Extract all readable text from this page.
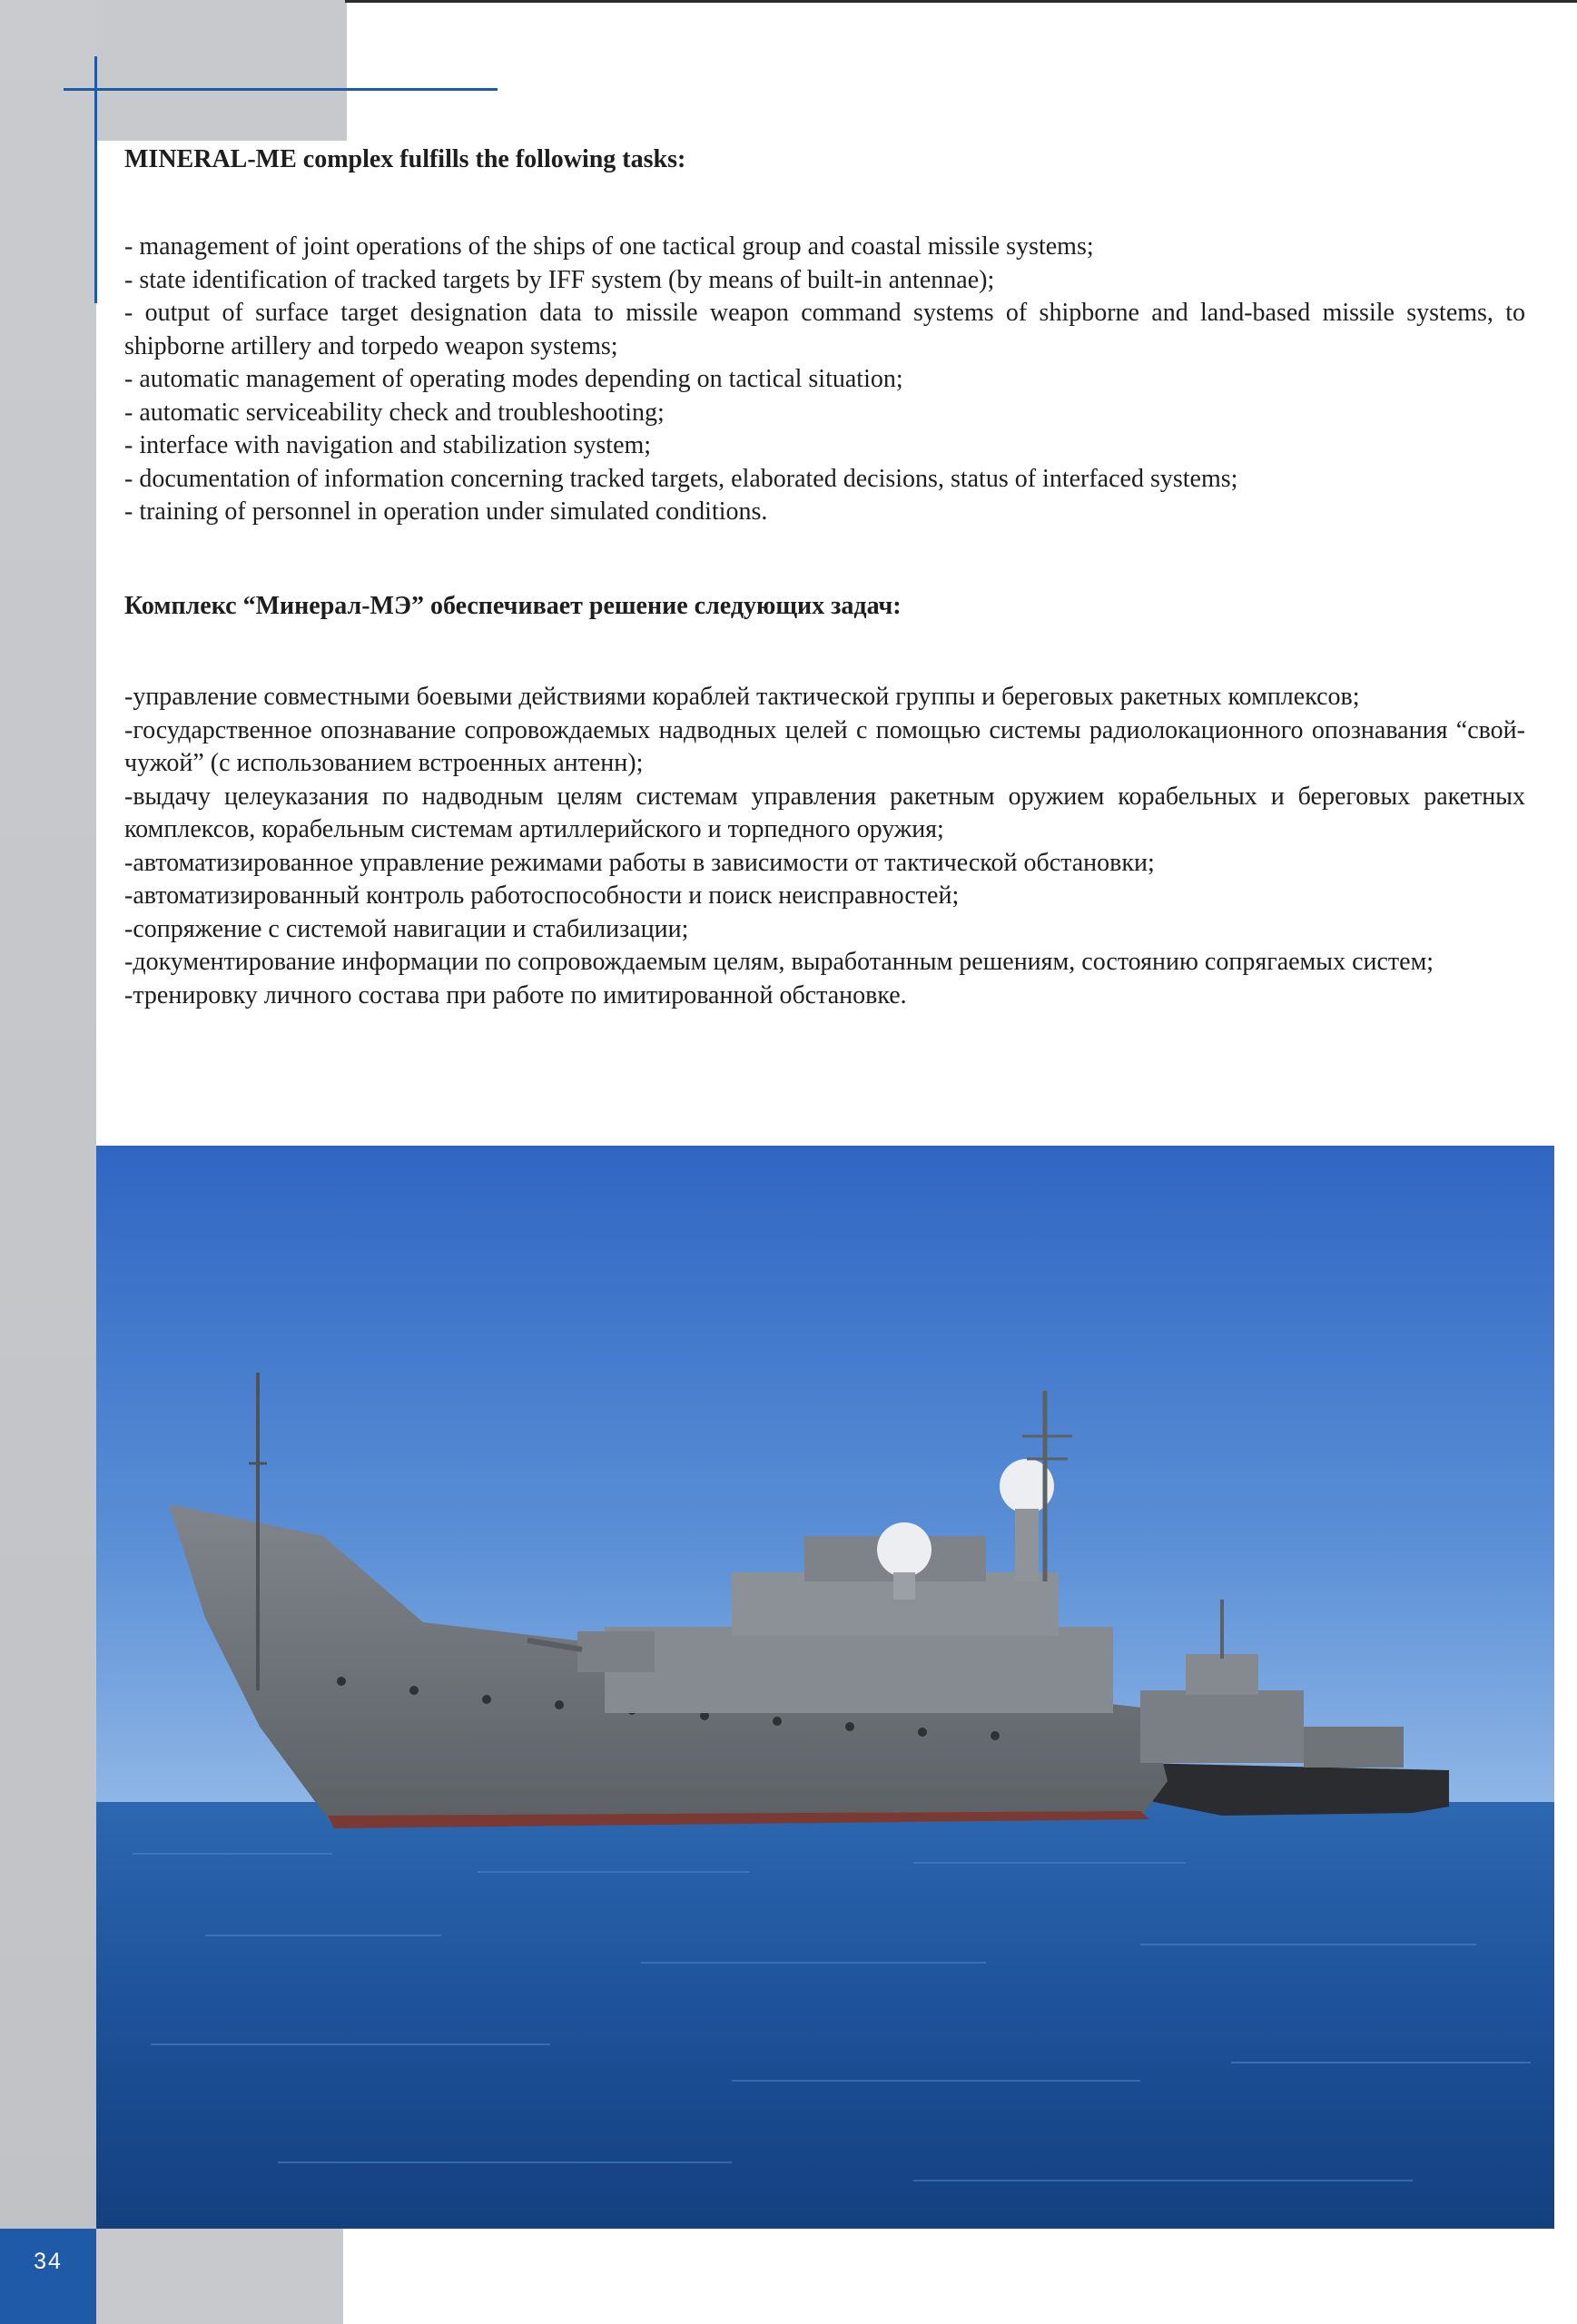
MINERAL-ME complex fulfills the following tasks:
- management of joint operations of the ships of one tactical group and coastal missile systems;
- state identification of tracked targets by IFF system (by means of built-in antennae);
- output of surface target designation data to missile weapon command systems of shipborne and land-based missile systems, to shipborne artillery and torpedo weapon systems;
- automatic management of operating modes depending on tactical situation;
- automatic serviceability check and troubleshooting;
- interface with navigation and stabilization system;
- documentation of information concerning tracked targets, elaborated decisions, status of interfaced systems;
- training of personnel in operation under simulated conditions.
Комплекс “Минерал-МЭ” обеспечивает решение следующих задач:
-управление совместными боевыми действиями кораблей тактической группы и береговых ракетных комплексов;
-государственное опознавание сопровождаемых надводных целей с помощью системы радиолокационного опознавания “свой-чужой” (с использованием встроенных антенн);
-выдачу целеуказания по надводным целям системам управления ракетным оружием корабельных и береговых ракетных комплексов, корабельным системам артиллерийского и торпедного оружия;
-автоматизированное управление режимами работы в зависимости от тактической обстановки;
-автоматизированный контроль работоспособности и поиск неисправностей;
-сопряжение с системой навигации и стабилизации;
-документирование информации по сопровождаемым целям, выработанным решениям, состоянию сопрягаемых систем;
-тренировку личного состава при работе по имитированной обстановке.
34
